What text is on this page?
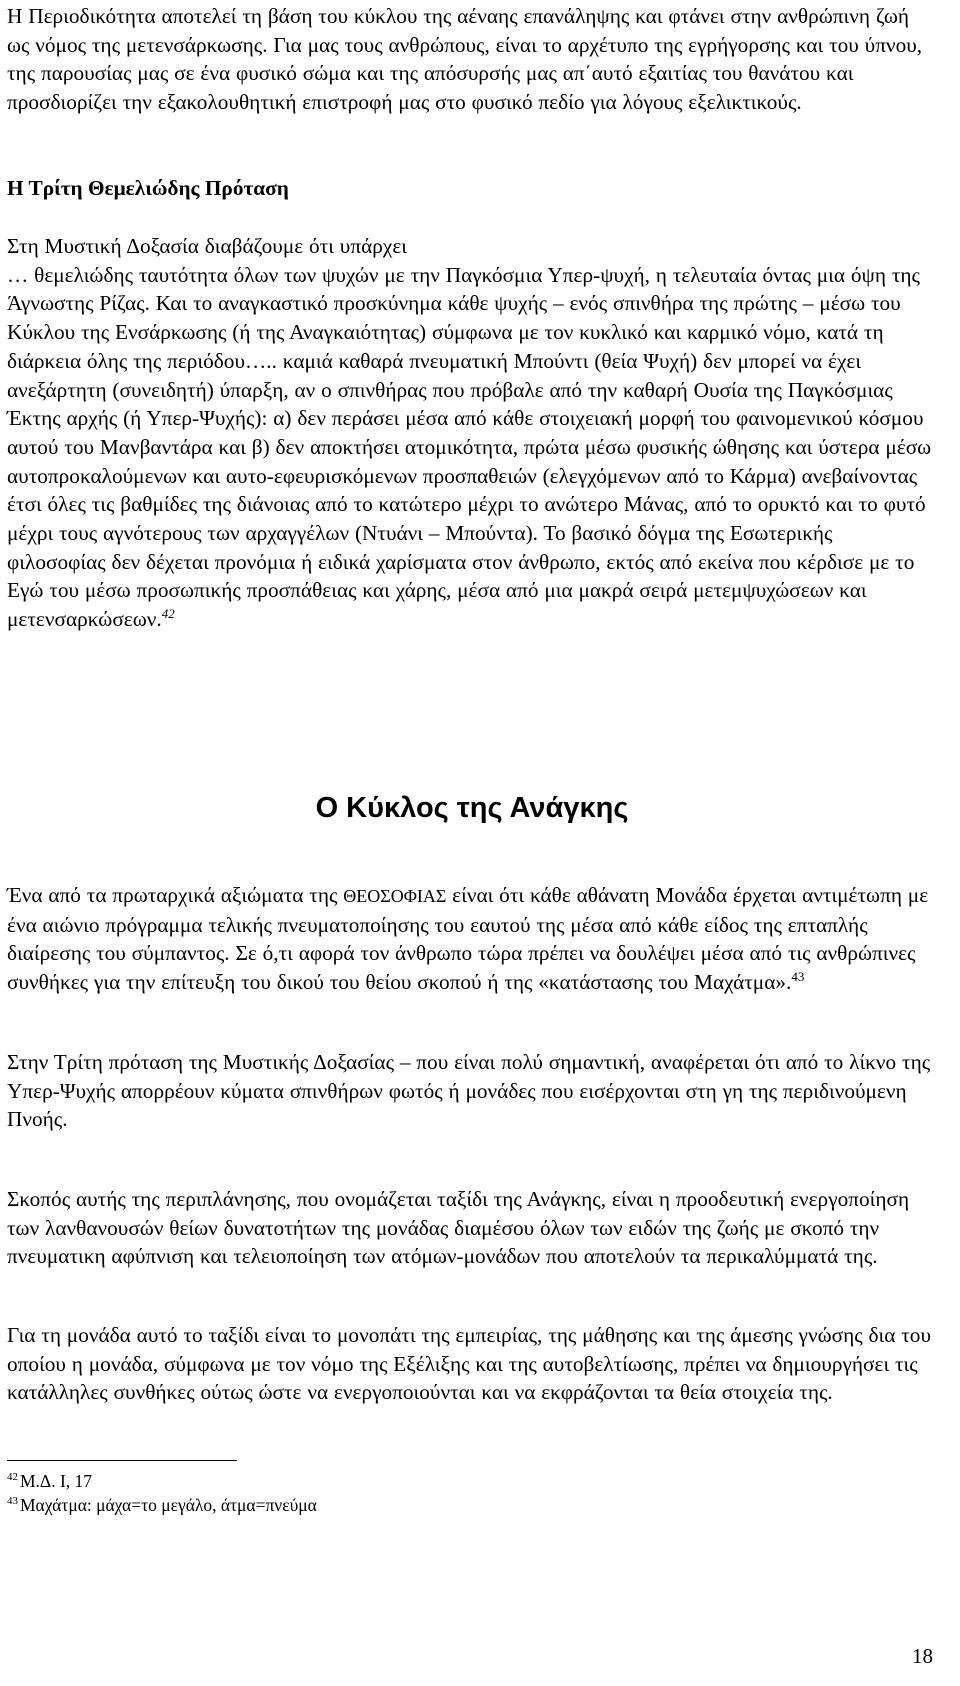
Η Περιοδικότητα αποτελεί τη βάση του κύκλου της αέναης επανάληψης και φτάνει στην ανθρώπινη ζωή ως νόμος της μετενσάρκωσης. Για μας τους ανθρώπους, είναι το αρχέτυπο της εγρήγορσης και του ύπνου, της παρουσίας μας σε ένα φυσικό σώμα και της απόσυρσής μας απ΄αυτό εξαιτίας του θανάτου και προσδιορίζει την εξακολουθητική επιστροφή μας στο φυσικό πεδίο για λόγους εξελικτικούς.

Η Τρίτη Θεμελιώδης Πρόταση

Στη Μυστική Δοξασία διαβάζουμε ότι υπάρχει
… θεμελιώδης ταυτότητα όλων των ψυχών με την Παγκόσμια Υπερ-ψυχή, η τελευταία όντας μια όψη της Άγνωστης Ρίζας. Και το αναγκαστικό προσκύνημα κάθε ψυχής – ενός σπινθήρα της πρώτης – μέσω του Κύκλου της Ενσάρκωσης (ή της Αναγκαιότητας) σύμφωνα με τον κυκλικό και καρμικό νόμο, κατά τη διάρκεια όλης της περιόδου….. καμιά καθαρά πνευματική Μπούντι (θεία Ψυχή) δεν μπορεί να έχει ανεξάρτητη (συνειδητή) ύπαρξη, αν ο σπινθήρας που πρόβαλε από την καθαρή Ουσία της Παγκόσμιας Έκτης αρχής (ή Υπερ-Ψυχής): α) δεν περάσει μέσα από κάθε στοιχειακή μορφή του φαινομενικού κόσμου αυτού του Μανβαντάρα και β) δεν αποκτήσει ατομικότητα, πρώτα μέσω φυσικής ώθησης και ύστερα μέσω αυτοπροκαλούμενων και αυτο-εφευρισκόμενων προσπαθειών (ελεγχόμενων από το Κάρμα) ανεβαίνοντας έτσι όλες τις βαθμίδες της διάνοιας από το κατώτερο μέχρι το ανώτερο Μάνας, από το ορυκτό και το φυτό μέχρι τους αγνότερους των αρχαγγέλων (Ντυάνι – Μπούντα). Το βασικό δόγμα της Εσωτερικής φιλοσοφίας δεν δέχεται προνόμια ή ειδικά χαρίσματα στον άνθρωπο, εκτός από εκείνα που κέρδισε με το Εγώ του μέσω προσωπικής προσπάθειας και χάρης, μέσα από μια μακρά σειρά μετεμψυχώσεων και μετενσαρκώσεων.$^{42}$

Ο Κύκλος της Ανάγκης

Ένα από τα πρωταρχικά αξιώματα της ΘΕΟΣΟΦΙΑΣ είναι ότι κάθε αθάνατη Μονάδα έρχεται αντιμέτωπη με ένα αιώνιο πρόγραμμα τελικής πνευματοποίησης του εαυτού της μέσα από κάθε είδος της επταπλής διαίρεσης του σύμπαντος. Σε ό,τι αφορά τον άνθρωπο τώρα πρέπει να δουλέψει μέσα από τις ανθρώπινες συνθήκες για την επίτευξη του δικού του θείου σκοπού ή της «κατάστασης του Μαχάτμα».$^{43}$

Στην Τρίτη πρόταση της Μυστικής Δοξασίας – που είναι πολύ σημαντική, αναφέρεται ότι από το λίκνο της Υπερ-Ψυχής απορρέουν κύματα σπινθήρων φωτός ή μονάδες που εισέρχονται στη γη της περιδινούμενη Πνοής.

Σκοπός αυτής της περιπλάνησης, που ονομάζεται ταξίδι της Ανάγκης, είναι η προοδευτική ενεργοποίηση των λανθανουσών θείων δυνατοτήτων της μονάδας διαμέσου όλων των ειδών της ζωής με σκοπό την πνευματικη αφύπνιση και τελειοποίηση των ατόμων-μονάδων που αποτελούν τα περικαλύμματά της.

Για τη μονάδα αυτό το ταξίδι είναι το μονοπάτι της εμπειρίας, της μάθησης και της άμεσης γνώσης δια του οποίου η μονάδα, σύμφωνα με τον νόμο της Εξέλιξης και της αυτοβελτίωσης, πρέπει να δημιουργήσει τις κατάλληλες συνθήκες ούτως ώστε να ενεργοποιούνται και να εκφράζονται τα θεία στοιχεία της.

$^{42}$ Μ.Δ. Ι, 17
$^{43}$ Μαχάτμα: μάχα=το μεγάλο, άτμα=πνεύμα
18
